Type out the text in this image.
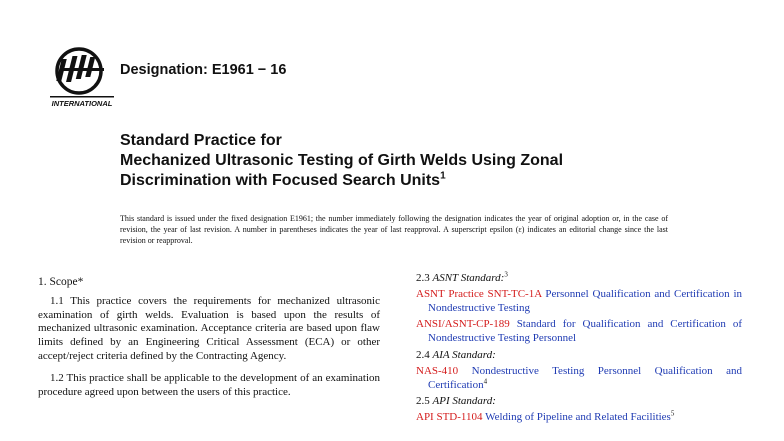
INTERNATIONAL
Designation: E1961 − 16
Standard Practice for
Mechanized Ultrasonic Testing of Girth Welds Using Zonal
Discrimination with Focused Search Units$^1$
This standard is issued under the fixed designation E1961; the number immediately following the designation indicates the year of original adoption or, in the case of revision, the year of last revision. A number in parentheses indicates the year of last reapproval. A superscript epsilon (ε) indicates an editorial change since the last revision or reapproval.
1. Scope*

1.1 This practice covers the requirements for mechanized ultrasonic examination of girth welds. Evaluation is based upon the results of mechanized ultrasonic examination. Acceptance criteria are based upon flaw limits defined by an Engineering Critical Assessment (ECA) or other accept/reject criteria defined by the Contracting Agency.

1.2 This practice shall be applicable to the development of an examination procedure agreed upon between the users of this practice.

2.3 ASNT Standard:$^3$
ASNT Practice SNT-TC-1A Personnel Qualification and Certification in Nondestructive Testing
ANSI/ASNT-CP-189 Standard for Qualification and Certification of Nondestructive Testing Personnel
2.4 AIA Standard:
NAS-410 Nondestructive Testing Personnel Qualification and Certification$^4$
2.5 API Standard:
API STD-1104 Welding of Pipeline and Related Facilities$^5$
